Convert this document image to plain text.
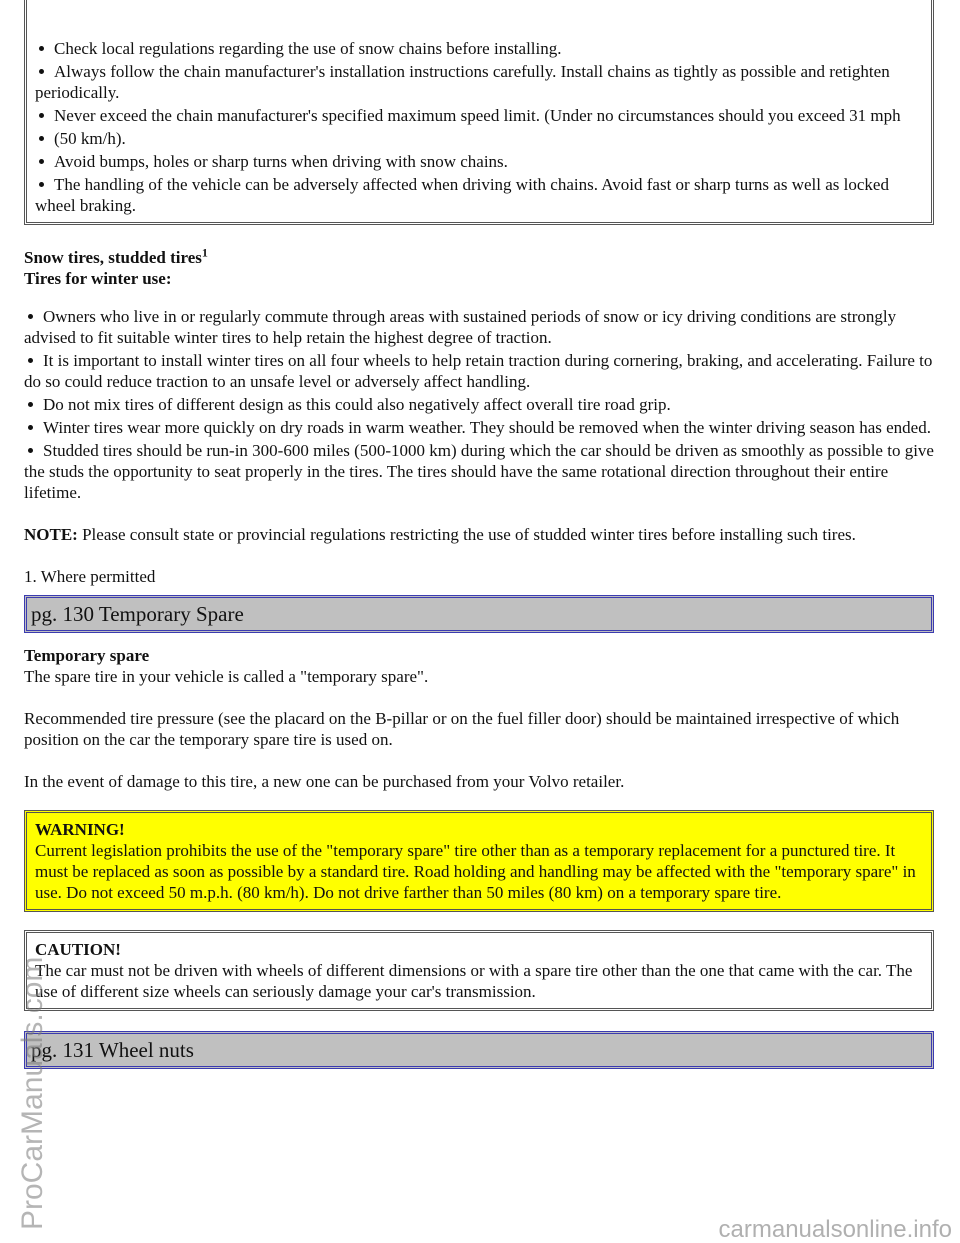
Check local regulations regarding the use of snow chains before installing.
Always follow the chain manufacturer's installation instructions carefully. Install chains as tightly as possible and retighten periodically.
Never exceed the chain manufacturer's specified maximum speed limit. (Under no circumstances should you exceed 31 mph
(50 km/h).
Avoid bumps, holes or sharp turns when driving with snow chains.
The handling of the vehicle can be adversely affected when driving with chains. Avoid fast or sharp turns as well as locked wheel braking.

Snow tires, studded tires$^1$

Tires for winter use:

Owners who live in or regularly commute through areas with sustained periods of snow or icy driving conditions are strongly advised to fit suitable winter tires to help retain the highest degree of traction.
It is important to install winter tires on all four wheels to help retain traction during cornering, braking, and accelerating. Failure to do so could reduce traction to an unsafe level or adversely affect handling.
Do not mix tires of different design as this could also negatively affect overall tire road grip.
Winter tires wear more quickly on dry roads in warm weather. They should be removed when the winter driving season has ended.
Studded tires should be run-in 300-600 miles (500-1000 km) during which the car should be driven as smoothly as possible to give the studs the opportunity to seat properly in the tires. The tires should have the same rotational direction throughout their entire lifetime.

NOTE: Please consult state or provincial regulations restricting the use of studded winter tires before installing such tires.

1. Where permitted

pg. 130 Temporary Spare

Temporary spare

The spare tire in your vehicle is called a "temporary spare".

Recommended tire pressure (see the placard on the B-pillar or on the fuel filler door) should be maintained irrespective of which position on the car the temporary spare tire is used on.

In the event of damage to this tire, a new one can be purchased from your Volvo retailer.

WARNING!
Current legislation prohibits the use of the "temporary spare" tire other than as a temporary replacement for a punctured tire. It must be replaced as soon as possible by a standard tire. Road holding and handling may be affected with the "temporary spare" in use. Do not exceed 50 m.p.h. (80 km/h). Do not drive farther than 50 miles (80 km) on a temporary spare tire.
CAUTION!
The car must not be driven with wheels of different dimensions or with a spare tire other than the one that came with the car. The use of different size wheels can seriously damage your car's transmission.
pg. 131 Wheel nuts
ProCarManuals.com	carmanualsonline.info
